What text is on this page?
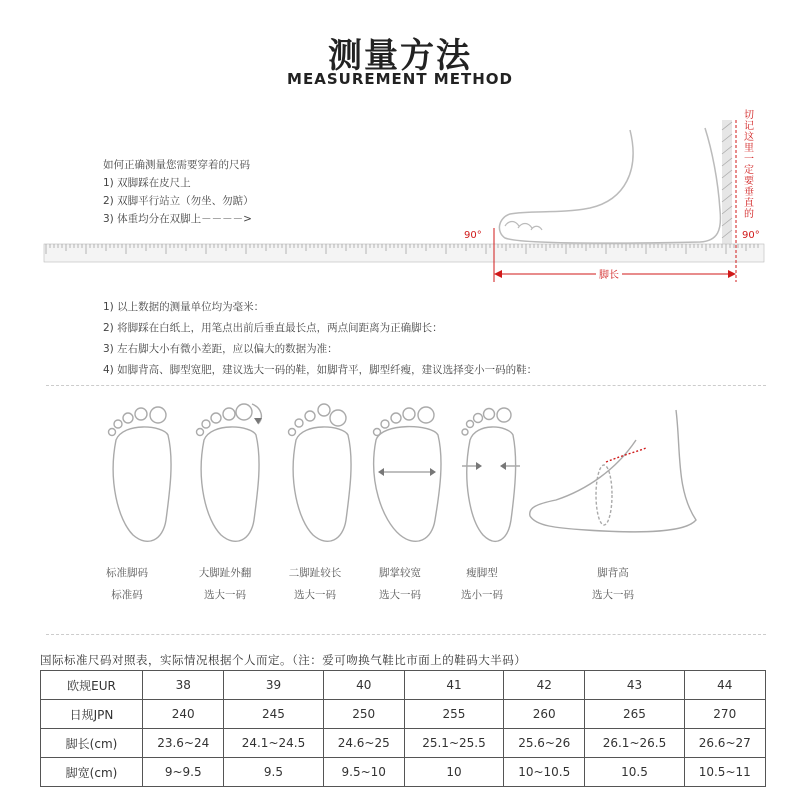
测量方法
MEASUREMENT METHOD
如何正确测量您需要穿着的尺码
1) 双脚踩在皮尺上
2) 双脚平行站立（勿坐、勿踮）
3) 体重均分在双脚上－－－－>
脚长
90°	90°
切记这里一定要垂直的
1) 以上数据的测量单位均为毫米：
2) 将脚踩在白纸上，用笔点出前后垂直最长点，两点间距离为正确脚长：
3) 左右脚大小有微小差距，应以偏大的数据为准：
4) 如脚背高、脚型宽肥，建议选大一码的鞋，如脚背平，脚型纤瘦，建议选择变小一码的鞋：
标准脚码
标准码
大脚趾外翻
选大一码
二脚趾较长
选大一码
脚掌较宽
选大一码
瘦脚型
选小一码
脚背高
选大一码
国际标准尺码对照表，实际情况根据个人而定。（注：爱可吻换气鞋比市面上的鞋码大半码）
欧规EUR	38	39	40	41	42	43	44
日规JPN	240	245	250	255	260	265	270
脚长(cm)	23.6~24	24.1~24.5	24.6~25	25.1~25.5	25.6~26	26.1~26.5	26.6~27
脚宽(cm)	9~9.5	9.5	9.5~10	10	10~10.5	10.5	10.5~11
